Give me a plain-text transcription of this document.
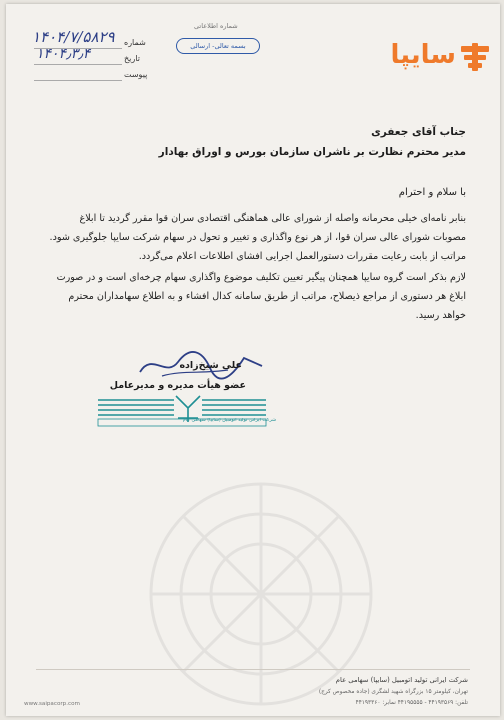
سایپا
شماره اطلاعاتی
بسمه تعالی- ارسالی
شماره
تاریخ
پیوست
۱۴۰۴/۷/۵۸۲۹
۱۴۰۴٫۳٫۴
جناب آقای جعفری
مدیر محترم نظارت بر ناشران سازمان بورس و اوراق بهادار
با سلام و احترام
بنابر نامه‌ای خیلی محرمانه واصله از شورای عالی هماهنگی اقتصادی سران قوا مقرر گردید تا ابلاغ مصوبات شورای عالی سران قوا، از هر نوع واگذاری و تغییر و تحول در سهام شرکت سایپا جلوگیری شود. مراتب از بابت رعایت مقررات دستورالعمل اجرایی افشای اطلاعات اعلام می‌گردد.
لازم بذکر است گروه سایپا همچنان پیگیر تعیین تکلیف موضوع واگذاری سهام چرخه‌ای است و در صورت ابلاغ هر دستوری از مراجع ذیصلاح، مراتب از طریق سامانه کدال افشاء و به اطلاع سهامداران محترم خواهد رسید.
علی شیخ‌زاده
عضو هیأت مدیره و مدیرعامل
شرکت ایرانی تولید اتومبیل (سایپا) سهامی عام
شرکت ایرانی تولید اتومبیل (سایپا) سهامی عام
تهران، کیلومتر ۱۵ بزرگراه شهید لشگری (جاده مخصوص کرج)
تلفن: ۴۴۱۹۳۵۶۹ - ۴۴۱۹۵۵۵۵ نمابر: ۴۴۱۹۳۳۶۰
www.saipacorp.com
